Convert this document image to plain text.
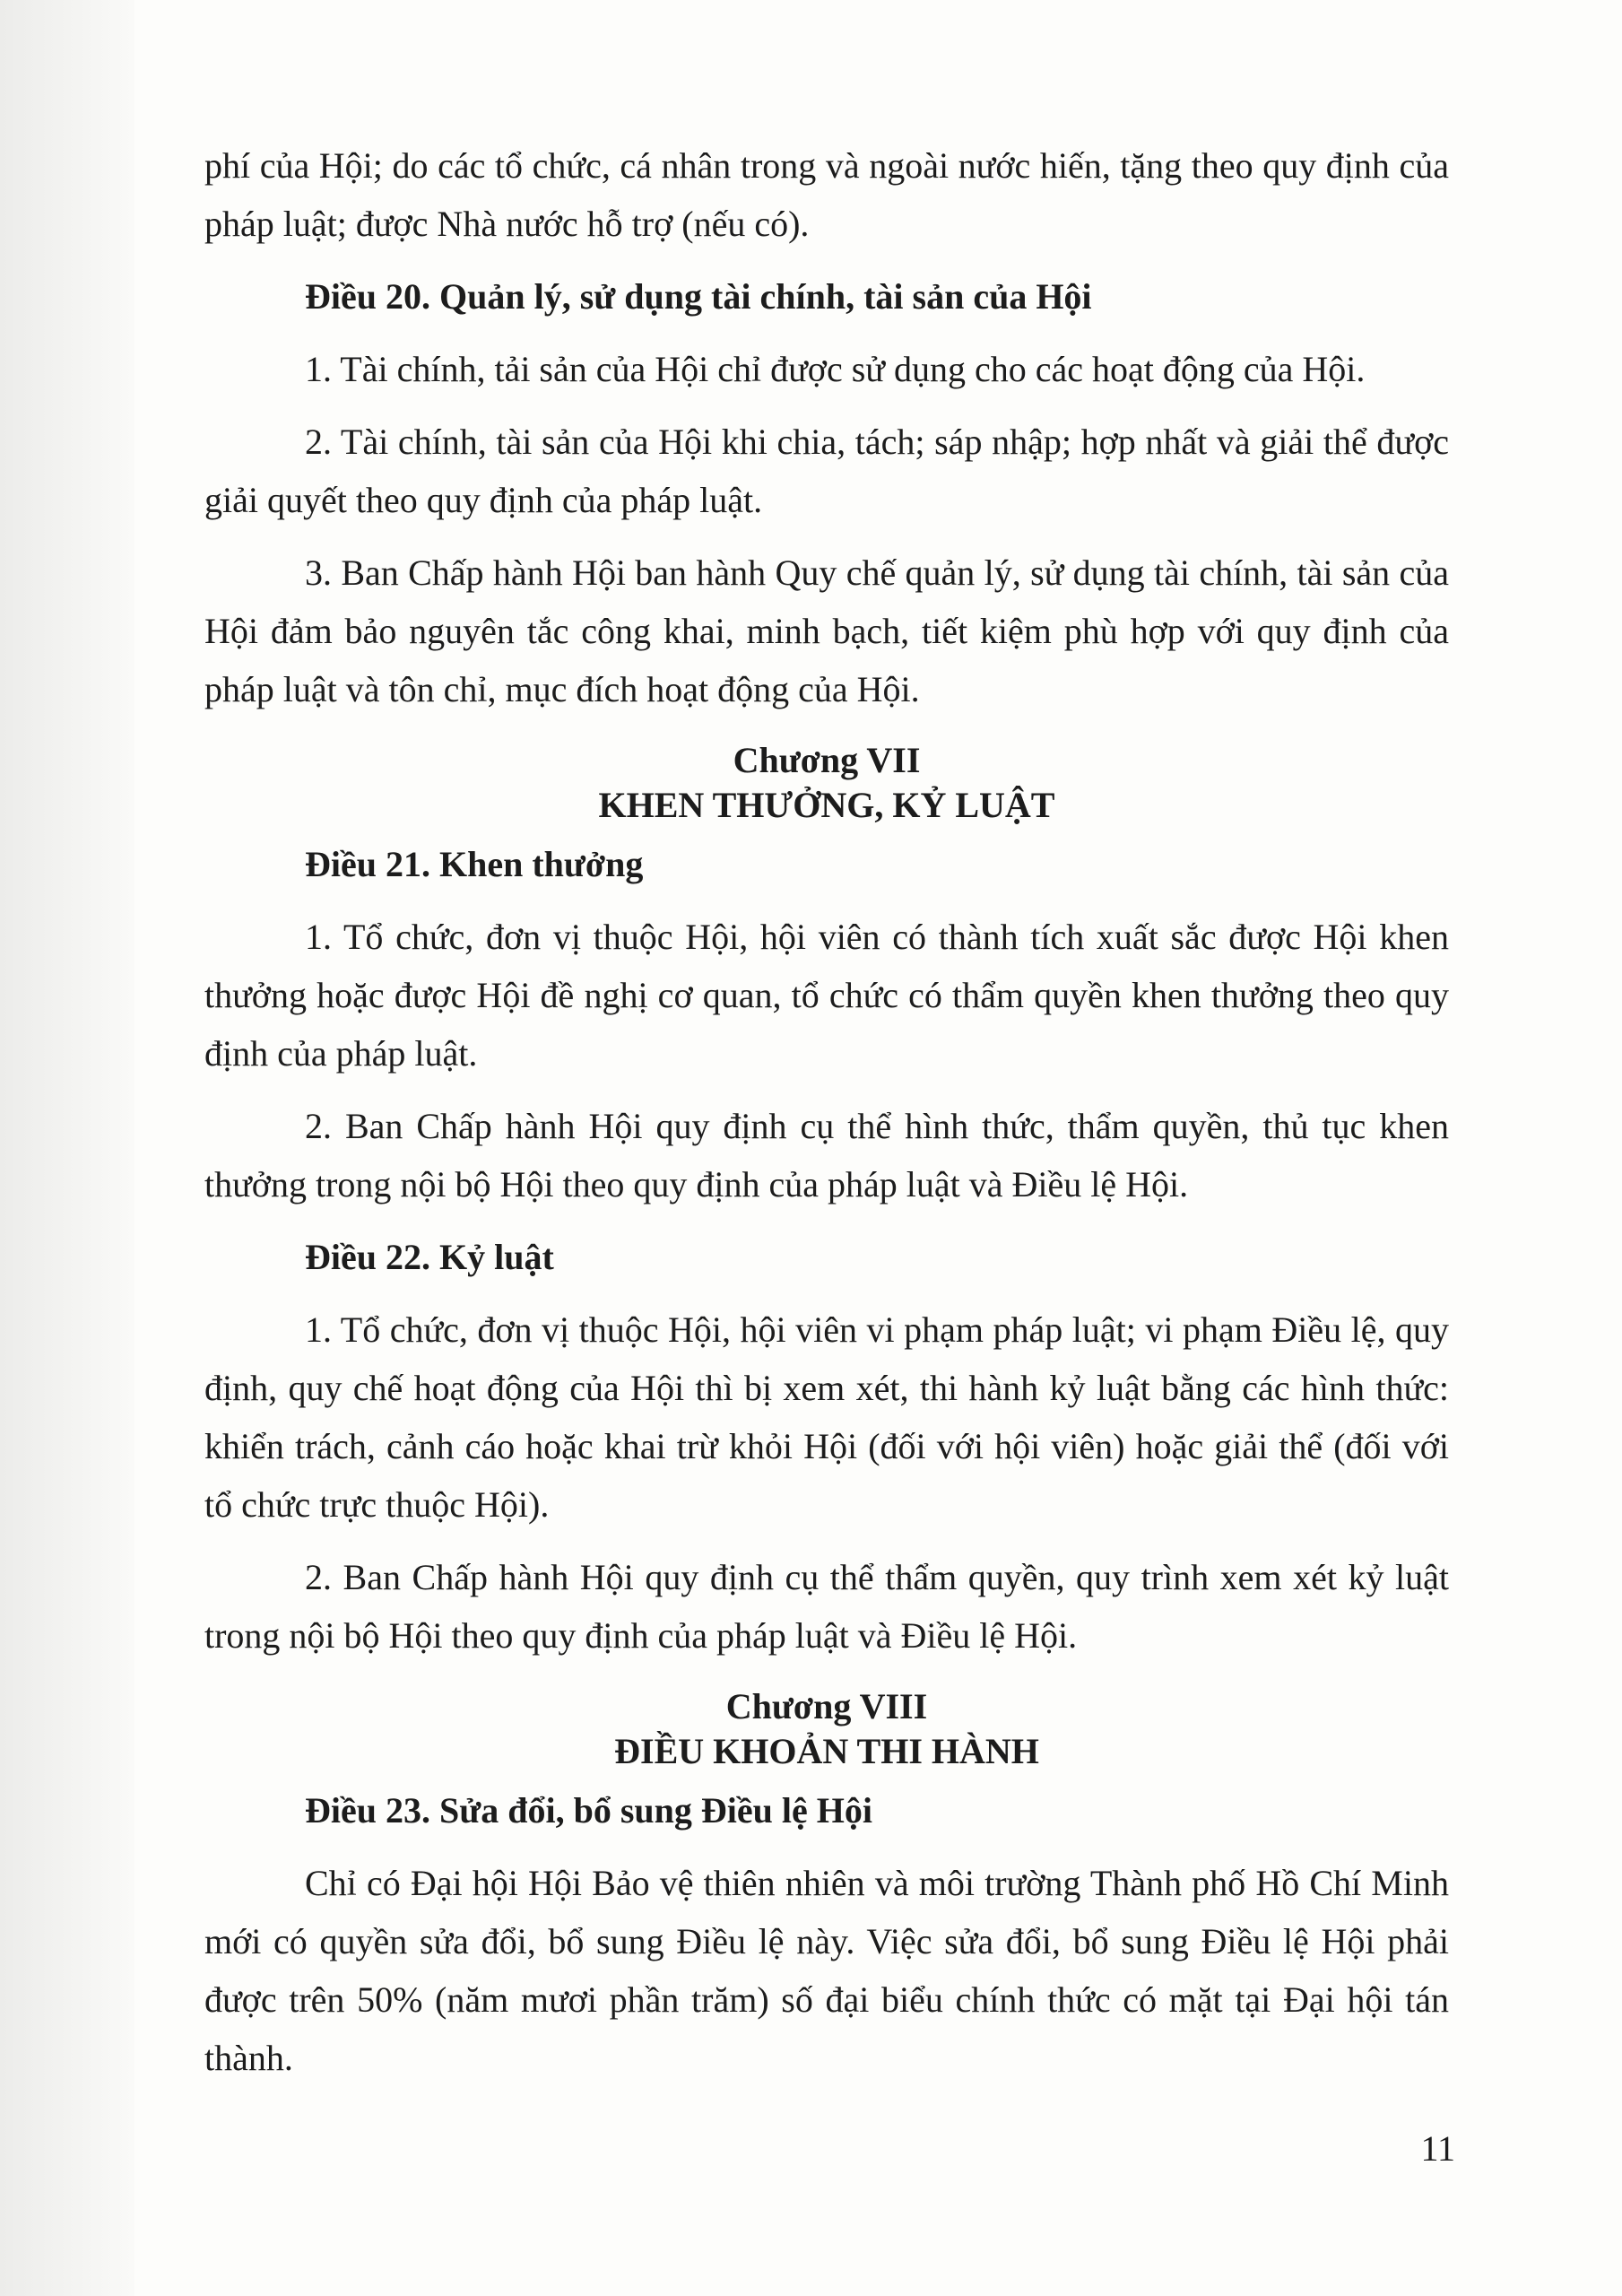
phí của Hội; do các tổ chức, cá nhân trong và ngoài nước hiến, tặng theo quy định của pháp luật; được Nhà nước hỗ trợ (nếu có).

Điều 20. Quản lý, sử dụng tài chính, tài sản của Hội

1. Tài chính, tải sản của Hội chỉ được sử dụng cho các hoạt động của Hội.

2. Tài chính, tài sản của Hội khi chia, tách; sáp nhập; hợp nhất và giải thể được giải quyết theo quy định của pháp luật.

3. Ban Chấp hành Hội ban hành Quy chế quản lý, sử dụng tài chính, tài sản của Hội đảm bảo nguyên tắc công khai, minh bạch, tiết kiệm phù hợp với quy định của pháp luật và tôn chỉ, mục đích hoạt động của Hội.

Chương VII
KHEN THƯỞNG, KỶ LUẬT

Điều 21. Khen thưởng

1. Tổ chức, đơn vị thuộc Hội, hội viên có thành tích xuất sắc được Hội khen thưởng hoặc được Hội đề nghị cơ quan, tổ chức có thẩm quyền khen thưởng theo quy định của pháp luật.

2. Ban Chấp hành Hội quy định cụ thể hình thức, thẩm quyền, thủ tục khen thưởng trong nội bộ Hội theo quy định của pháp luật và Điều lệ Hội.

Điều 22. Kỷ luật

1. Tổ chức, đơn vị thuộc Hội, hội viên vi phạm pháp luật; vi phạm Điều lệ, quy định, quy chế hoạt động của Hội thì bị xem xét, thi hành kỷ luật bằng các hình thức: khiển trách, cảnh cáo hoặc khai trừ khỏi Hội (đối với hội viên) hoặc giải thể (đối với tổ chức trực thuộc Hội).

2. Ban Chấp hành Hội quy định cụ thể thẩm quyền, quy trình xem xét kỷ luật trong nội bộ Hội theo quy định của pháp luật và Điều lệ Hội.

Chương VIII
ĐIỀU KHOẢN THI HÀNH

Điều 23. Sửa đổi, bổ sung Điều lệ Hội

Chỉ có Đại hội Hội Bảo vệ thiên nhiên và môi trường Thành phố Hồ Chí Minh mới có quyền sửa đổi, bổ sung Điều lệ này. Việc sửa đổi, bổ sung Điều lệ Hội phải được trên 50% (năm mươi phần trăm) số đại biểu chính thức có mặt tại Đại hội tán thành.

11
